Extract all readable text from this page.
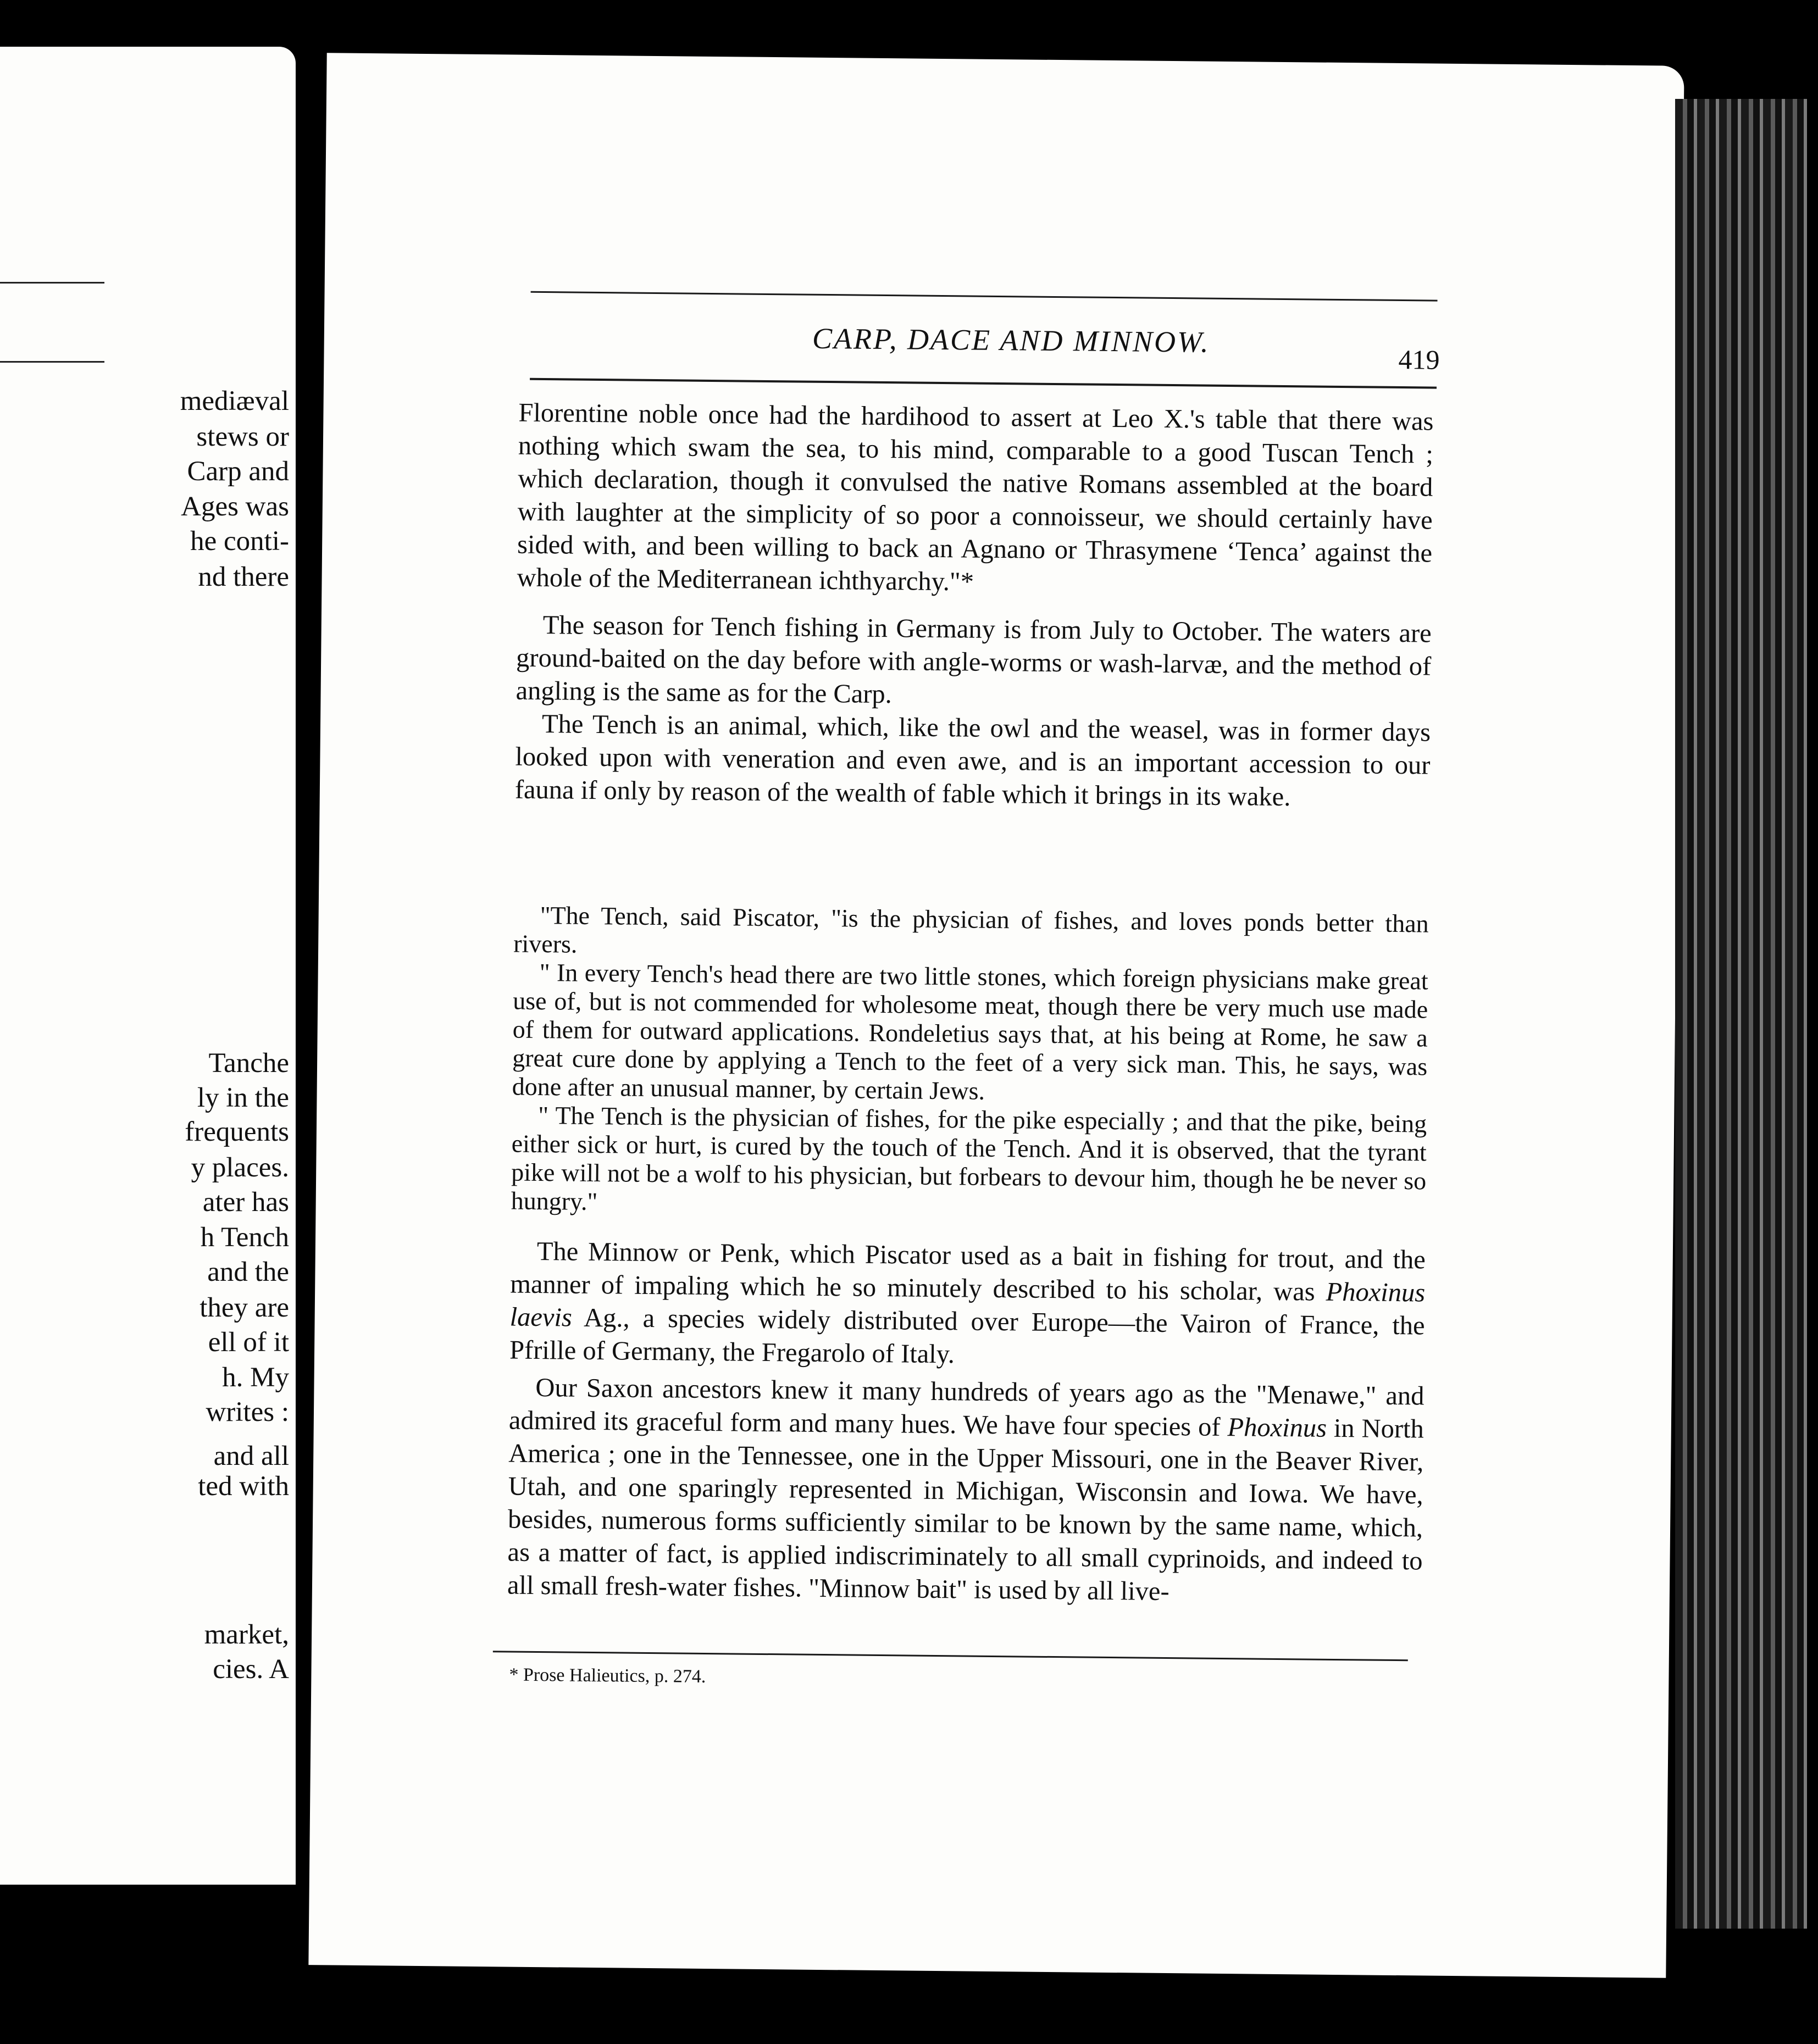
mediæval
stews or
Carp and
Ages was
he conti-
nd there
Tanche
ly in the
frequents
y places.
ater has
h Tench
and the
they are
ell of it
h. My
writes :
and all
ted with
market,
cies. A
CARP, DACE AND MINNOW.
419

Florentine noble once had the hardihood to assert at Leo X.'s table that there was nothing which swam the sea, to his mind, comparable to a good Tuscan Tench ; which declaration, though it convulsed the native Romans assembled at the board with laughter at the simplicity of so poor a connoisseur, we should certainly have sided with, and been willing to back an Agnano or Thrasymene ‘Tenca’ against the whole of the Mediterranean ichthyarchy."*

The season for Tench fishing in Germany is from July to October. The waters are ground-baited on the day before with angle-worms or wash-larvæ, and the method of angling is the same as for the Carp.

The Tench is an animal, which, like the owl and the weasel, was in former days looked upon with veneration and even awe, and is an important accession to our fauna if only by reason of the wealth of fable which it brings in its wake.

"The Tench, said Piscator, "is the physician of fishes, and loves ponds better than rivers.

" In every Tench's head there are two little stones, which foreign physicians make great use of, but is not commended for wholesome meat, though there be very much use made of them for outward applications. Rondeletius says that, at his being at Rome, he saw a great cure done by applying a Tench to the feet of a very sick man. This, he says, was done after an unusual manner, by certain Jews.

" The Tench is the physician of fishes, for the pike especially ; and that the pike, being either sick or hurt, is cured by the touch of the Tench. And it is observed, that the tyrant pike will not be a wolf to his physician, but forbears to devour him, though he be never so hungry."

The Minnow or Penk, which Piscator used as a bait in fishing for trout, and the manner of impaling which he so minutely described to his scholar, was Phoxinus laevis Ag., a species widely distributed over Europe—the Vairon of France, the Pfrille of Germany, the Fregarolo of Italy.

Our Saxon ancestors knew it many hundreds of years ago as the "Menawe," and admired its graceful form and many hues. We have four species of Phoxinus in North America ; one in the Tennessee, one in the Upper Missouri, one in the Beaver River, Utah, and one sparingly represented in Michigan, Wisconsin and Iowa. We have, besides, numerous forms sufficiently similar to be known by the same name, which, as a matter of fact, is applied indiscriminately to all small cyprinoids, and indeed to all small fresh-water fishes. "Minnow bait" is used by all live-

* Prose Halieutics, p. 274.
